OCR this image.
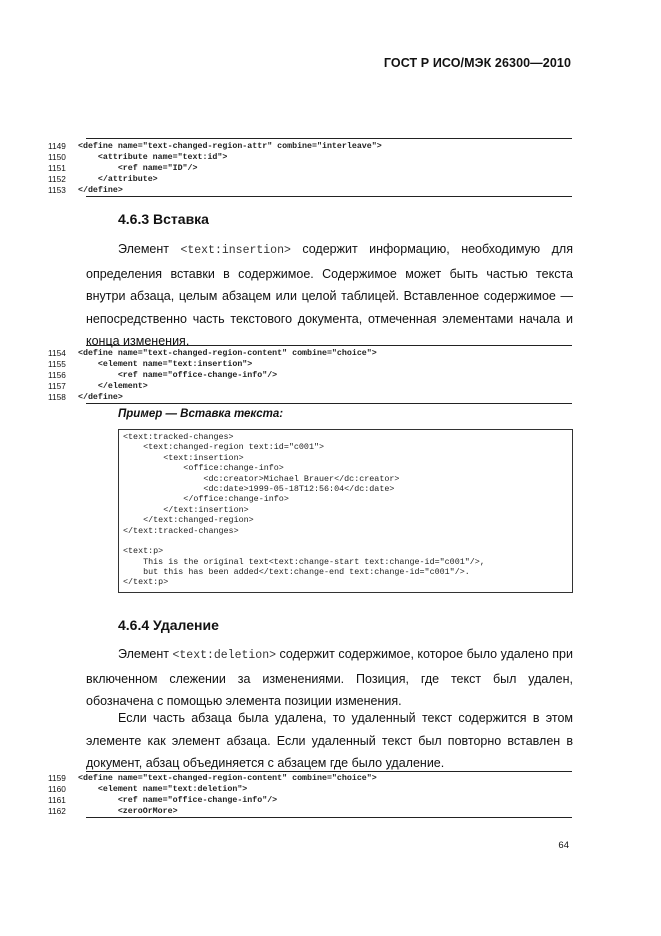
ГОСТ Р ИСО/МЭК 26300—2010
1149	<define name="text-changed-region-attr" combine="interleave">
1150	<attribute name="text:id">
1151	<ref name="ID"/>
1152	</attribute>
1153	</define>
4.6.3 Вставка

Элемент <text:insertion> содержит информацию, необходимую для определения вставки в содержимое. Содержимое может быть частью текста внутри абзаца, целым абзацем или целой таблицей. Вставленное содержимое — непосредственно часть текстового документа, отмеченная элементами начала и конца изменения.

1154	<define name="text-changed-region-content" combine="choice">
1155	<element name="text:insertion">
1156	<ref name="office-change-info"/>
1157	</element>
1158	</define>
Пример — Вставка текста:
<text:tracked-changes>
<text:changed-region text:id="c001">
<text:insertion>
<office:change-info>
<dc:creator>Michael Brauer</dc:creator>
<dc:date>1999-05-18T12:56:04</dc:date>
</office:change-info>
</text:insertion>
</text:changed-region>
</text:tracked-changes>
<text:p>
This is the original text<text:change-start text:change-id="c001"/>,
but this has been added</text:change-end text:change-id="c001"/>.
</text:p>
4.6.4 Удаление

Элемент <text:deletion> содержит содержимое, которое было удалено при включенном слежении за изменениями. Позиция, где текст был удален, обозначена с помощью элемента позиции изменения.

Если часть абзаца была удалена, то удаленный текст содержится в этом элементе как элемент абзаца. Если удаленный текст был повторно вставлен в документ, абзац объединяется с абзацем где было удаление.

1159	<define name="text-changed-region-content" combine="choice">
1160	<element name="text:deletion">
1161	<ref name="office-change-info"/>
1162	<zeroOrMore>
64
